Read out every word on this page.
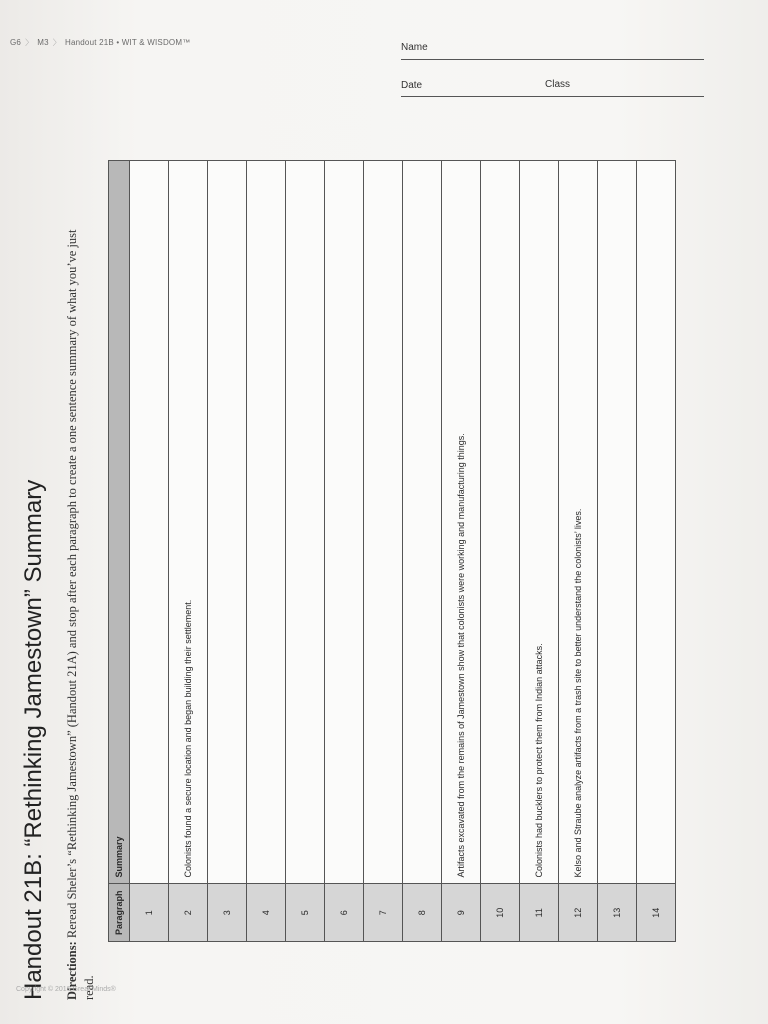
G6 〉 M3 〉 Handout 21B • WIT & WISDOM™	Name
Date	Class
Handout 21B: “Rethinking Jamestown” Summary Directions: Reread Sheler’s “Rethinking Jamestown” (Handout 21A) and stop after each paragraph to create a one sentence summary of what you’ve just read.
Paragraph	Summary
1	
2	Colonists found a secure location and began building their settlement.
3	
4	
5	
6	
7	
8	
9	Artifacts excavated from the remains of Jamestown show that colonists were working and manufacturing things.
10	
11	Colonists had bucklers to protect them from Indian attacks.
12	Kelso and Straube analyze artifacts from a trash site to better understand the colonists’ lives.
13	
14	
Copyright © 2016 Great Minds®
